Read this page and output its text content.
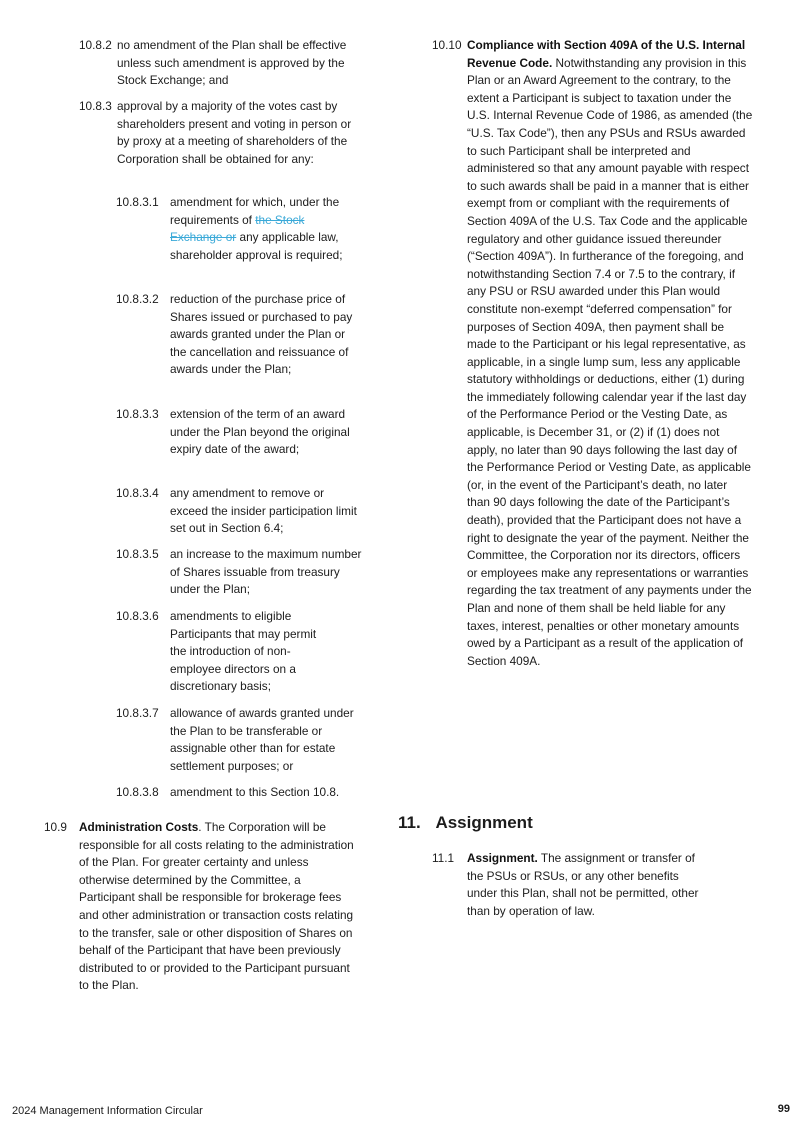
10.8.2 no amendment of the Plan shall be effective unless such amendment is approved by the Stock Exchange; and
10.8.3 approval by a majority of the votes cast by shareholders present and voting in person or by proxy at a meeting of shareholders of the Corporation shall be obtained for any:
10.8.3.1 amendment for which, under the requirements of the Stock Exchange or any applicable law, shareholder approval is required;
10.8.3.2 reduction of the purchase price of Shares issued or purchased to pay awards granted under the Plan or the cancellation and reissuance of awards under the Plan;
10.8.3.3 extension of the term of an award under the Plan beyond the original expiry date of the award;
10.8.3.4 any amendment to remove or exceed the insider participation limit set out in Section 6.4;
10.8.3.5 an increase to the maximum number of Shares issuable from treasury under the Plan;
10.8.3.6 amendments to eligible Participants that may permit the introduction of non-employee directors on a discretionary basis;
10.8.3.7 allowance of awards granted under the Plan to be transferable or assignable other than for estate settlement purposes; or
10.8.3.8 amendment to this Section 10.8.
10.9 Administration Costs. The Corporation will be responsible for all costs relating to the administration of the Plan. For greater certainty and unless otherwise determined by the Committee, a Participant shall be responsible for brokerage fees and other administration or transaction costs relating to the transfer, sale or other disposition of Shares on behalf of the Participant that have been previously distributed to or provided to the Participant pursuant to the Plan.
10.10 Compliance with Section 409A of the U.S. Internal Revenue Code. Notwithstanding any provision in this Plan or an Award Agreement to the contrary, to the extent a Participant is subject to taxation under the U.S. Internal Revenue Code of 1986, as amended (the “U.S. Tax Code”), then any PSUs and RSUs awarded to such Participant shall be interpreted and administered so that any amount payable with respect to such awards shall be paid in a manner that is either exempt from or compliant with the requirements of Section 409A of the U.S. Tax Code and the applicable regulatory and other guidance issued thereunder (“Section 409A”). In furtherance of the foregoing, and notwithstanding Section 7.4 or 7.5 to the contrary, if any PSU or RSU awarded under this Plan would constitute non-exempt “deferred compensation” for purposes of Section 409A, then payment shall be made to the Participant or his legal representative, as applicable, in a single lump sum, less any applicable statutory withholdings or deductions, either (1) during the immediately following calendar year if the last day of the Performance Period or the Vesting Date, as applicable, is December 31, or (2) if (1) does not apply, no later than 90 days following the last day of the Performance Period or Vesting Date, as applicable (or, in the event of the Participant’s death, no later than 90 days following the date of the Participant’s death), provided that the Participant does not have a right to designate the year of the payment. Neither the Committee, the Corporation nor its directors, officers or employees make any representations or warranties regarding the tax treatment of any payments under the Plan and none of them shall be held liable for any taxes, interest, penalties or other monetary amounts owed by a Participant as a result of the application of Section 409A.
11. Assignment
11.1 Assignment. The assignment or transfer of the PSUs or RSUs, or any other benefits under this Plan, shall not be permitted, other than by operation of law.
2024 Management Information Circular	99
